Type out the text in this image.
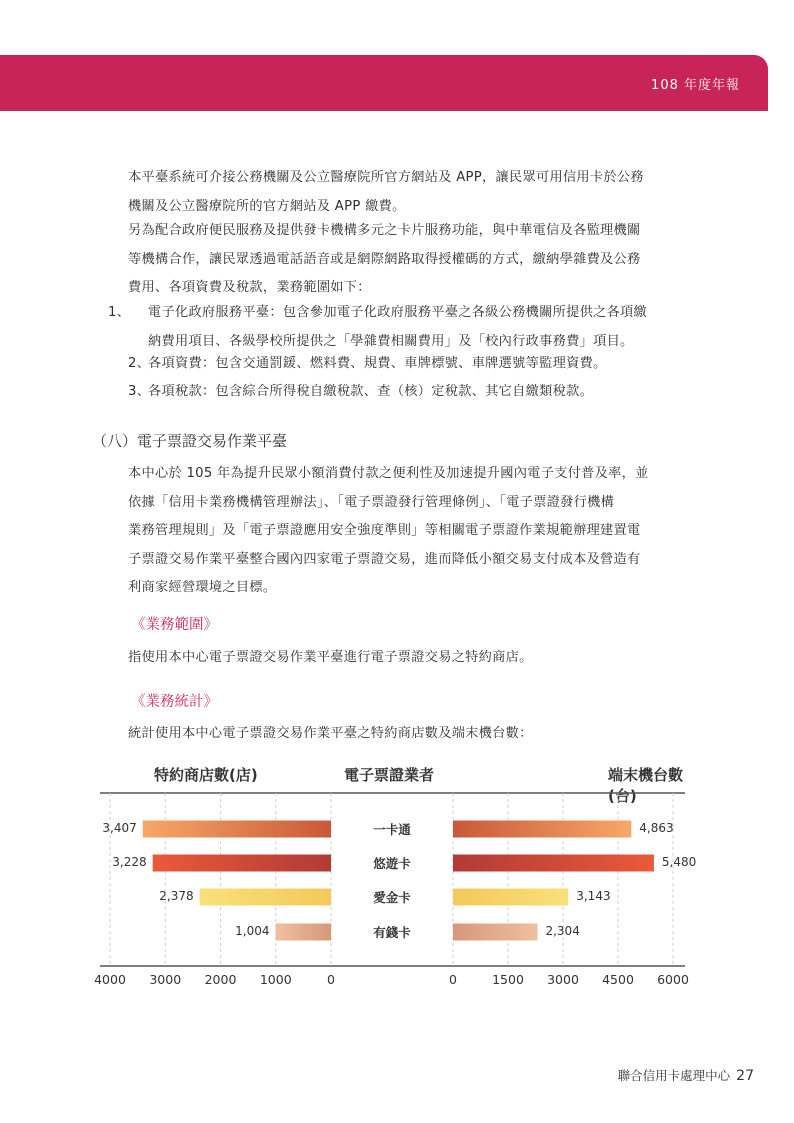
108 年度年報

本平臺系統可介接公務機關及公立醫療院所官方網站及 APP，讓民眾可用信用卡於公務
機關及公立醫療院所的官方網站及 APP 繳費。

另為配合政府便民服務及提供發卡機構多元之卡片服務功能，與中華電信及各監理機關
等機構合作，讓民眾透過電話語音或是網際網路取得授權碼的方式，繳納學雜費及公務
費用、各項資費及稅款，業務範圍如下：

1、 電子化政府服務平臺：包含參加電子化政府服務平臺之各級公務機關所提供之各項繳
納費用項目、各級學校所提供之「學雜費相關費用」及「校內行政事務費」項目。
2、各項資費：包含交通罰鍰、燃料費、規費、車牌標號、車牌選號等監理資費。
3、各項稅款：包含綜合所得稅自繳稅款、查（核）定稅款、其它自繳類稅款。
（八）電子票證交易作業平臺

本中心於 105 年為提升民眾小額消費付款之便利性及加速提升國內電子支付普及率，並
依據「信用卡業務機構管理辦法」、「電子票證發行管理條例」、「電子票證發行機構
業務管理規則」及「電子票證應用安全強度準則」等相關電子票證作業規範辦理建置電
子票證交易作業平臺整合國內四家電子票證交易，進而降低小額交易支付成本及營造有
利商家經營環境之目標。

《業務範圍》

指使用本中心電子票證交易作業平臺進行電子票證交易之特約商店。

《業務統計》

統計使用本中心電子票證交易作業平臺之特約商店數及端末機台數：

特約商店數(店)	電子票證業者	端末機台數(台)
3,407
3,228
2,378
1,004
4,863
5,480
3,143
2,304
一卡通
悠遊卡
愛金卡
有錢卡
4000	3000	2000	1000	0	0	1500	3000	4500	6000
聯合信用卡處理中心 27
